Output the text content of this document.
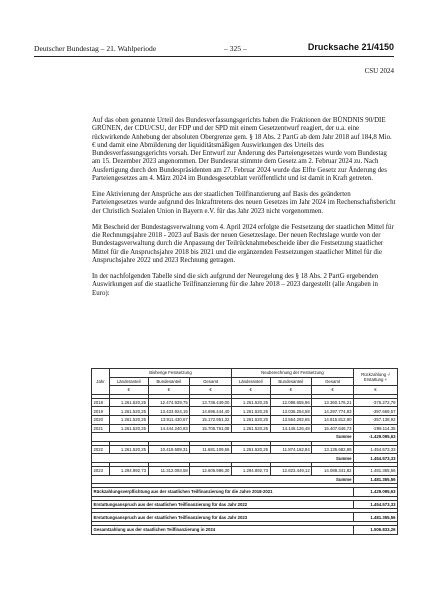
Deutscher Bundestag – 21. Wahlperiode	– 325 –	Drucksache 21/4150
CSU 2024

Auf das oben genannte Urteil des Bundesverfassungsgerichts haben die Fraktionen der BÜNDNIS 90/DIE GRÜNEN, der CDU/CSU, der FDP und der SPD mit einem Gesetzentwurf reagiert, der u.a. eine rückwirkende Anhebung der absoluten Obergrenze gem. § 18 Abs. 2 PartG ab dem Jahr 2018 auf 184,8 Mio. € und damit eine Abmilderung der liquiditätsmäßigen Auswirkungen des Urteils des Bundesverfassungsgerichts vorsah. Der Entwurf zur Änderung des Parteiengesetzes wurde vom Bundestag am 15. Dezember 2023 angenommen. Der Bundesrat stimmte dem Gesetz am 2. Februar 2024 zu. Nach Ausfertigung durch den Bundespräsidenten am 27. Februar 2024 wurde das Elfte Gesetz zur Änderung des Parteiengesetzes am 4. März 2024 im Bundesgesetzblatt veröffentlicht und ist damit in Kraft getreten.

Eine Aktivierung der Ansprüche aus der staatlichen Teilfinanzierung auf Basis des geänderten Parteiengesetzes wurde aufgrund des Inkrafttretens des neuen Gesetzes im Jahr 2024 im Rechenschaftsbericht der Christlich Sozialen Union in Bayern e.V. für das Jahr 2023 nicht vorgenommen.

Mit Bescheid der Bundestagsverwaltung vom 4. April 2024 erfolgte die Festsetzung der staatlichen Mittel für die Rechnungsjahre 2018 - 2023 auf Basis der neuen Gesetzeslage. Der neuen Rechtslage wurde von der Bundestagsverwaltung durch die Anpassung der Teilrücknahmebescheide über die Festsetzung staatlicher Mittel für die Anspruchsjahre 2018 bis 2021 und die ergänzenden Festsetzungen staatlicher Mittel für die Anspruchsjahre 2022 und 2023 Rechnung getragen.

In der nachfolgenden Tabelle sind die sich aufgrund der Neuregelung des § 18 Abs. 2 PartG ergebenden Auswirkungen auf die staatliche Teilfinanzierung für die Jahre 2018 – 2023 dargestellt (alle Angaben in Euro):

Jahr	Bisherige Festsetzung			Neuberechnung der Festsetzung			Rückzahlung -/ Erstattung +
	Länderanteil	Bundesanteil	Gesamt	Länderanteil	Bundesanteil	Gesamt	
	€	€	€	€	€	€	€

2018	1.261.520,25	12.474.929,75	13.736.449,00	1.261.520,25	12.098.655,96	13.360.176,21	-376.272,79
2019	1.261.520,25	13.433.924,15	14.695.444,40	1.261.520,25	13.036.254,58	14.297.774,83	-397.669,57
2020	1.261.520,25	13.911.430,67	15.172.951,32	1.261.520,25	13.554.292,65	14.815.812,90	-357.138,92
2021	1.261.520,25	14.444.240,83	15.705.761,08	1.261.520,25	14.146.126,48	15.407.646,73	-298.114,35
Summe							-1.429.095,63

2022	1.261.520,25	10.419.589,31	11.681.109,56	1.261.520,25	11.874.162,84	13.135.682,89	1.454.573,33
Summe							1.454.573,33

2023	1.294.892,73	11.312.093,58	12.606.986,30	1.294.892,73	12.823.449,12	14.088.341,82	1.481.355,56
Summe							1.481.355,56

Rückzahlungsverpflichtung aus der staatlichen Teilfinanzierung für die Jahre 2018-2021							1.429.095,63

Erstattungsanspruch aus der staatlichen Teilfinanzierung für das Jahr 2022							1.454.573,33

Erstattungsanspruch aus der staatlichen Teilfinanzierung für das Jahr 2023							1.481.355,56

Gesamtzahlung aus der staatlichen Teilfinanzierung in 2024							1.506.833,26
